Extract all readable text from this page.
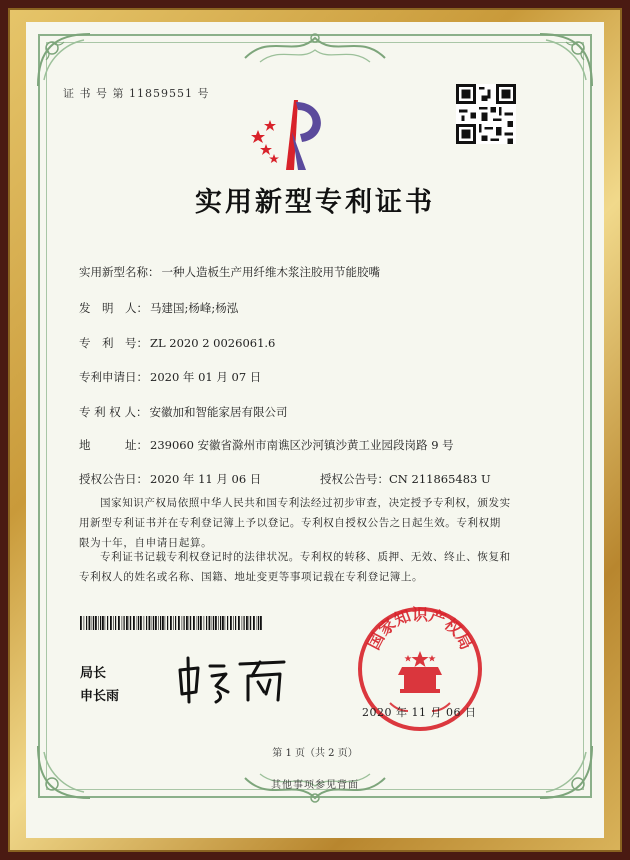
证 书 号 第 11859551 号
实用新型专利证书
实用新型名称： 一种人造板生产用纤维木浆注胶用节能胶嘴
发　明　人： 马建国;杨峰;杨泓
专　利　号： ZL 2020 2 0026061.6
专利申请日： 2020 年 01 月 07 日
专 利 权 人： 安徽加和智能家居有限公司
地　　　址： 239060 安徽省滁州市南谯区沙河镇沙黄工业园段岗路 9 号
授权公告日： 2020 年 11 月 06 日	授权公告号：CN 211865483 U
国家知识产权局依照中华人民共和国专利法经过初步审查，决定授予专利权，颁发实用新型专利证书并在专利登记簿上予以登记。专利权自授权公告之日起生效。专利权期限为十年，自申请日起算。
专利证书记载专利权登记时的法律状况。专利权的转移、质押、无效、终止、恢复和专利权人的姓名或名称、国籍、地址变更等事项记载在专利登记簿上。
局长
申长雨
国家知识产权局
2020 年 11 月 06 日
第 1 页（共 2 页）
其他事项参见背面
